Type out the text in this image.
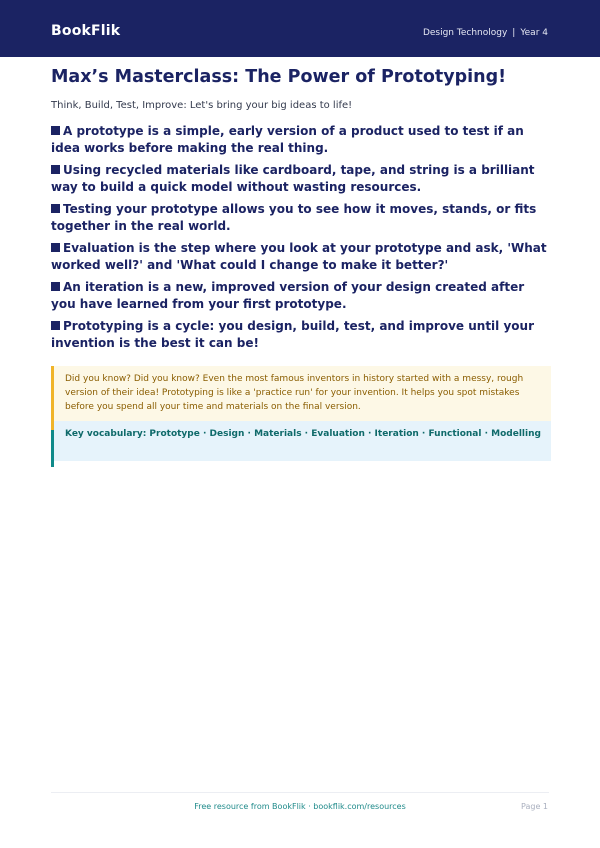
BookFlik	Design Technology | Year 4
Max’s Masterclass: The Power of Prototyping!

Think, Build, Test, Improve: Let's bring your big ideas to life!

A prototype is a simple, early version of a product used to test if an idea works before making the real thing.
Using recycled materials like cardboard, tape, and string is a brilliant way to build a quick model without wasting resources.
Testing your prototype allows you to see how it moves, stands, or fits together in the real world.
Evaluation is the step where you look at your prototype and ask, 'What worked well?' and 'What could I change to make it better?'
An iteration is a new, improved version of your design created after you have learned from your first prototype.
Prototyping is a cycle: you design, build, test, and improve until your invention is the best it can be!
Did you know? Did you know? Even the most famous inventors in history started with a messy, rough version of their idea! Prototyping is like a 'practice run' for your invention. It helps you spot mistakes before you spend all your time and materials on the final version.
Key vocabulary: Prototype · Design · Materials · Evaluation · Iteration · Functional · Modelling
Free resource from BookFlik · bookflik.com/resources	Page 1
